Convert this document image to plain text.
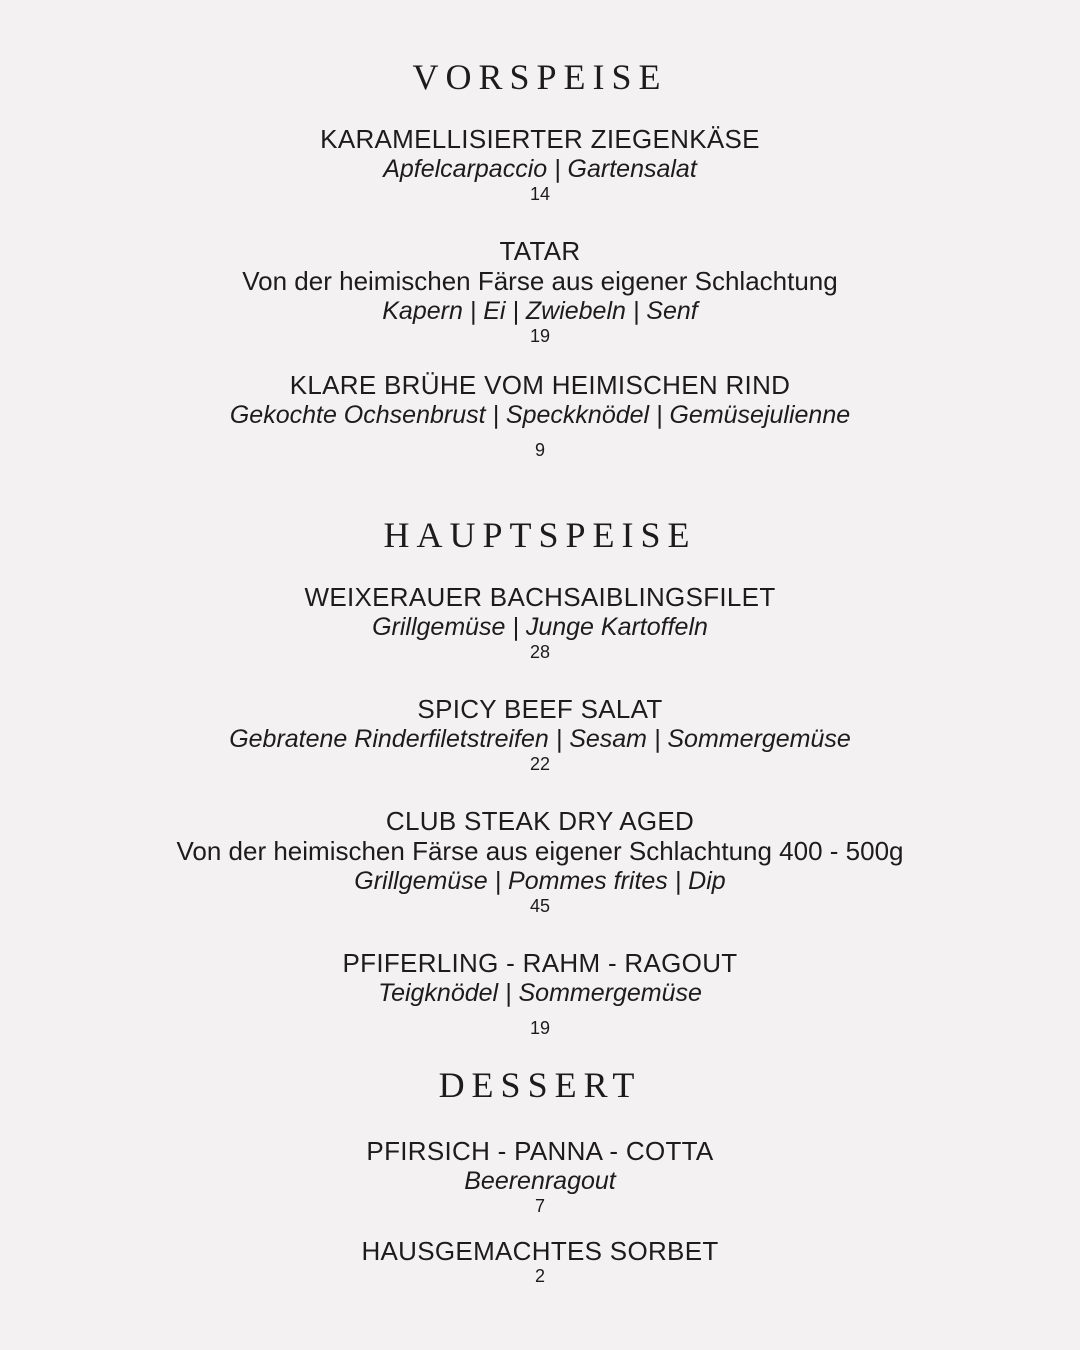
VORSPEISE
KARAMELLISIERTER ZIEGENKÄSE
Apfelcarpaccio | Gartensalat
14
TATAR
Von der heimischen Färse aus eigener Schlachtung
Kapern | Ei | Zwiebeln | Senf
19
KLARE BRÜHE VOM HEIMISCHEN RIND
Gekochte Ochsenbrust | Speckknödel | Gemüsejulienne
9
HAUPTSPEISE
WEIXERAUER BACHSAIBLINGSFILET
Grillgemüse | Junge Kartoffeln
28
SPICY BEEF SALAT
Gebratene Rinderfiletstreifen | Sesam | Sommergemüse
22
CLUB STEAK DRY AGED
Von der heimischen Färse aus eigener Schlachtung 400 - 500g
Grillgemüse | Pommes frites | Dip
45
PFIFERLING - RAHM - RAGOUT
Teigknödel | Sommergemüse
19
DESSERT
PFIRSICH - PANNA - COTTA
Beerenragout
7
HAUSGEMACHTES SORBET
2
